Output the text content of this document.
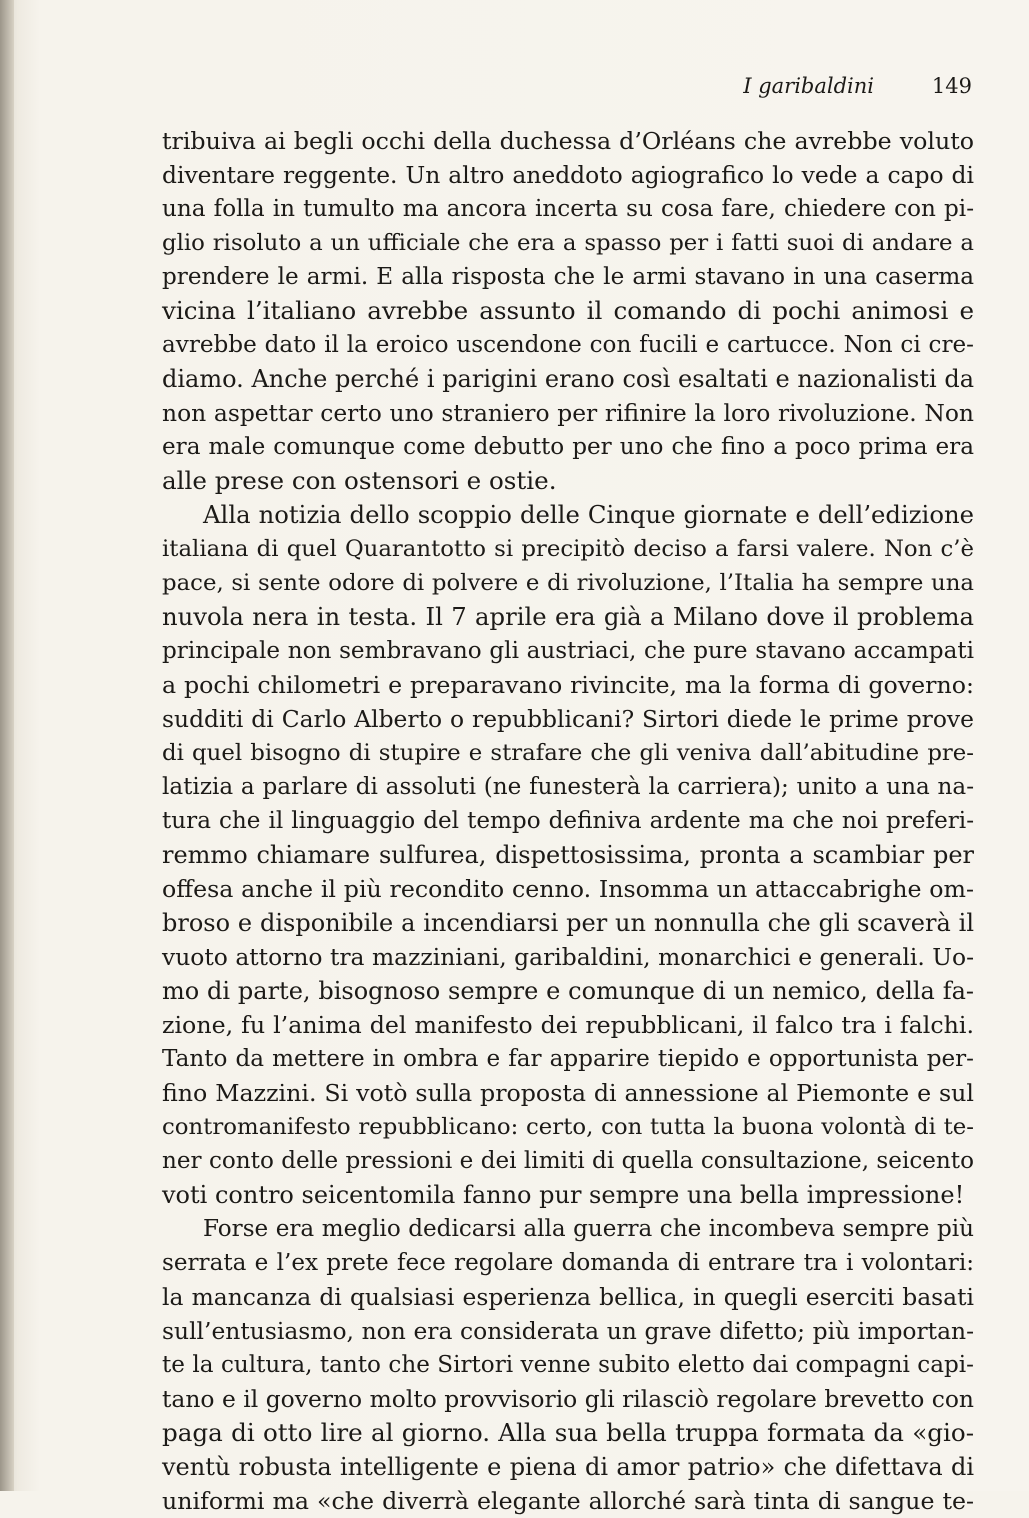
I garibaldini	149
tribuiva ai begli occhi della duchessa d’Orléans che avrebbe voluto
diventare reggente. Un altro aneddoto agiografico lo vede a capo di
una folla in tumulto ma ancora incerta su cosa fare, chiedere con pi-
glio risoluto a un ufficiale che era a spasso per i fatti suoi di andare a
prendere le armi. E alla risposta che le armi stavano in una caserma
vicina l’italiano avrebbe assunto il comando di pochi animosi e
avrebbe dato il la eroico uscendone con fucili e cartucce. Non ci cre-
diamo. Anche perché i parigini erano così esaltati e nazionalisti da
non aspettar certo uno straniero per rifinire la loro rivoluzione. Non
era male comunque come debutto per uno che fino a poco prima era
alle prese con ostensori e ostie.
Alla notizia dello scoppio delle Cinque giornate e dell’edizione
italiana di quel Quarantotto si precipitò deciso a farsi valere. Non c’è
pace, si sente odore di polvere e di rivoluzione, l’Italia ha sempre una
nuvola nera in testa. Il 7 aprile era già a Milano dove il problema
principale non sembravano gli austriaci, che pure stavano accampati
a pochi chilometri e preparavano rivincite, ma la forma di governo:
sudditi di Carlo Alberto o repubblicani? Sirtori diede le prime prove
di quel bisogno di stupire e strafare che gli veniva dall’abitudine pre-
latizia a parlare di assoluti (ne funesterà la carriera); unito a una na-
tura che il linguaggio del tempo definiva ardente ma che noi preferi-
remmo chiamare sulfurea, dispettosissima, pronta a scambiar per
offesa anche il più recondito cenno. Insomma un attaccabrighe om-
broso e disponibile a incendiarsi per un nonnulla che gli scaverà il
vuoto attorno tra mazziniani, garibaldini, monarchici e generali. Uo-
mo di parte, bisognoso sempre e comunque di un nemico, della fa-
zione, fu l’anima del manifesto dei repubblicani, il falco tra i falchi.
Tanto da mettere in ombra e far apparire tiepido e opportunista per-
fino Mazzini. Si votò sulla proposta di annessione al Piemonte e sul
contromanifesto repubblicano: certo, con tutta la buona volontà di te-
ner conto delle pressioni e dei limiti di quella consultazione, seicento
voti contro seicentomila fanno pur sempre una bella impressione!
Forse era meglio dedicarsi alla guerra che incombeva sempre più
serrata e l’ex prete fece regolare domanda di entrare tra i volontari:
la mancanza di qualsiasi esperienza bellica, in quegli eserciti basati
sull’entusiasmo, non era considerata un grave difetto; più importan-
te la cultura, tanto che Sirtori venne subito eletto dai compagni capi-
tano e il governo molto provvisorio gli rilasciò regolare brevetto con
paga di otto lire al giorno. Alla sua bella truppa formata da «gio-
ventù robusta intelligente e piena di amor patrio» che difettava di
uniformi ma «che diverrà elegante allorché sarà tinta di sangue te-
